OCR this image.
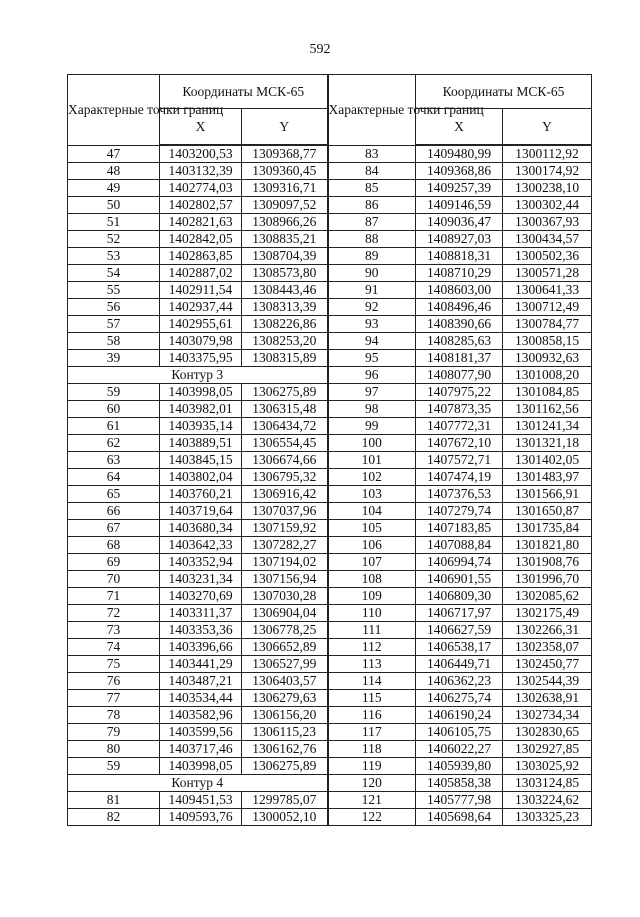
592
Характерные точки границ	Координаты МСК-65		Характерные точки границ	Координаты МСК-65	
	X	Y		X	Y
47	1403200,53	1309368,77	83	1409480,99	1300112,92
48	1403132,39	1309360,45	84	1409368,86	1300174,92
49	1402774,03	1309316,71	85	1409257,39	1300238,10
50	1402802,57	1309097,52	86	1409146,59	1300302,44
51	1402821,63	1308966,26	87	1409036,47	1300367,93
52	1402842,05	1308835,21	88	1408927,03	1300434,57
53	1402863,85	1308704,39	89	1408818,31	1300502,36
54	1402887,02	1308573,80	90	1408710,29	1300571,28
55	1402911,54	1308443,46	91	1408603,00	1300641,33
56	1402937,44	1308313,39	92	1408496,46	1300712,49
57	1402955,61	1308226,86	93	1408390,66	1300784,77
58	1403079,98	1308253,20	94	1408285,63	1300858,15
39	1403375,95	1308315,89	95	1408181,37	1300932,63
Контур 3			96	1408077,90	1301008,20
59	1403998,05	1306275,89	97	1407975,22	1301084,85
60	1403982,01	1306315,48	98	1407873,35	1301162,56
61	1403935,14	1306434,72	99	1407772,31	1301241,34
62	1403889,51	1306554,45	100	1407672,10	1301321,18
63	1403845,15	1306674,66	101	1407572,71	1301402,05
64	1403802,04	1306795,32	102	1407474,19	1301483,97
65	1403760,21	1306916,42	103	1407376,53	1301566,91
66	1403719,64	1307037,96	104	1407279,74	1301650,87
67	1403680,34	1307159,92	105	1407183,85	1301735,84
68	1403642,33	1307282,27	106	1407088,84	1301821,80
69	1403352,94	1307194,02	107	1406994,74	1301908,76
70	1403231,34	1307156,94	108	1406901,55	1301996,70
71	1403270,69	1307030,28	109	1406809,30	1302085,62
72	1403311,37	1306904,04	110	1406717,97	1302175,49
73	1403353,36	1306778,25	111	1406627,59	1302266,31
74	1403396,66	1306652,89	112	1406538,17	1302358,07
75	1403441,29	1306527,99	113	1406449,71	1302450,77
76	1403487,21	1306403,57	114	1406362,23	1302544,39
77	1403534,44	1306279,63	115	1406275,74	1302638,91
78	1403582,96	1306156,20	116	1406190,24	1302734,34
79	1403599,56	1306115,23	117	1406105,75	1302830,65
80	1403717,46	1306162,76	118	1406022,27	1302927,85
59	1403998,05	1306275,89	119	1405939,80	1303025,92
Контур 4			120	1405858,38	1303124,85
81	1409451,53	1299785,07	121	1405777,98	1303224,62
82	1409593,76	1300052,10	122	1405698,64	1303325,23
